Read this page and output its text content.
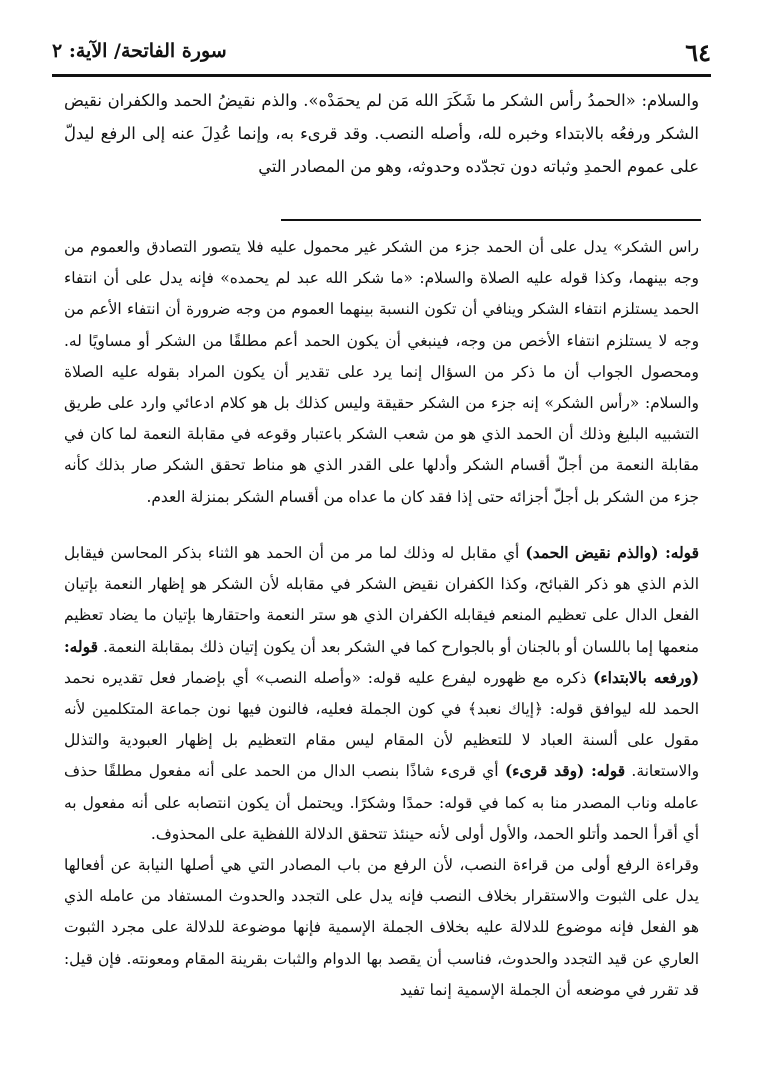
٦٤
سورة الفاتحة/ الآية: ٢

والسلام: «الحمدُ رأس الشكر ما شَكَرَ الله مَن لم يحمَدْه». والذم نقيضُ الحمد والكفران نقيض الشكر ورفعُه بالابتداء وخبره لله، وأصله النصب. وقد قرىء به، وإنما عُدِلَ عنه إلى الرفع ليدلّ على عموم الحمدِ وثباته دون تجدّده وحدوثه، وهو من المصادر التي

راس الشكر» يدل على أن الحمد جزء من الشكر غير محمول عليه فلا يتصور التصادق والعموم من وجه بينهما، وكذا قوله عليه الصلاة والسلام: «ما شكر الله عبد لم يحمده» فإنه يدل على أن انتفاء الحمد يستلزم انتفاء الشكر وينافي أن تكون النسبة بينهما العموم من وجه ضرورة أن انتفاء الأعم من وجه لا يستلزم انتفاء الأخص من وجه، فينبغي أن يكون الحمد أعم مطلقًا من الشكر أو مساويًا له. ومحصول الجواب أن ما ذكر من السؤال إنما يرد على تقدير أن يكون المراد بقوله عليه الصلاة والسلام: «رأس الشكر» إنه جزء من الشكر حقيقة وليس كذلك بل هو كلام ادعائي وارد على طريق التشبيه البليغ وذلك أن الحمد الذي هو من شعب الشكر باعتبار وقوعه في مقابلة النعمة لما كان في مقابلة النعمة من أجلّ أقسام الشكر وأدلها على القدر الذي هو مناط تحقق الشكر صار بذلك كأنه جزء من الشكر بل أجلّ أجزائه حتى إذا فقد كان ما عداه من أقسام الشكر بمنزلة العدم.

قوله: (والذم نقيض الحمد) أي مقابل له وذلك لما مر من أن الحمد هو الثناء بذكر المحاسن فيقابل الذم الذي هو ذكر القبائح، وكذا الكفران نقيض الشكر في مقابله لأن الشكر هو إظهار النعمة بإتيان الفعل الدال على تعظيم المنعم فيقابله الكفران الذي هو ستر النعمة واحتقارها بإتيان ما يضاد تعظيم منعمها إما باللسان أو بالجنان أو بالجوارح كما في الشكر بعد أن يكون إتيان ذلك بمقابلة النعمة. قوله: (ورفعه بالابتداء) ذكره مع ظهوره ليفرع عليه قوله: «وأصله النصب» أي بإضمار فعل تقديره نحمد الحمد لله ليوافق قوله: ﴿إياك نعبد﴾ في كون الجملة فعليه، فالنون فيها نون جماعة المتكلمين لأنه مقول على ألسنة العباد لا للتعظيم لأن المقام ليس مقام التعظيم بل إظهار العبودية والتذلل والاستعانة. قوله: (وقد قرىء) أي قرىء شاذًا بنصب الدال من الحمد على أنه مفعول مطلقًا حذف عامله وناب المصدر منا به كما في قوله: حمدًا وشكرًا. ويحتمل أن يكون انتصابه على أنه مفعول به أي أقرأ الحمد وأتلو الحمد، والأول أولى لأنه حينئذ تتحقق الدلالة اللفظية على المحذوف.

وقراءة الرفع أولى من قراءة النصب، لأن الرفع من باب المصادر التي هي أصلها النيابة عن أفعالها يدل على الثبوت والاستقرار بخلاف النصب فإنه يدل على التجدد والحدوث المستفاد من عامله الذي هو الفعل فإنه موضوع للدلالة عليه بخلاف الجملة الإسمية فإنها موضوعة للدلالة على مجرد الثبوت العاري عن قيد التجدد والحدوث، فناسب أن يقصد بها الدوام والثبات بقرينة المقام ومعونته. فإن قيل: قد تقرر في موضعه أن الجملة الإسمية إنما تفيد
